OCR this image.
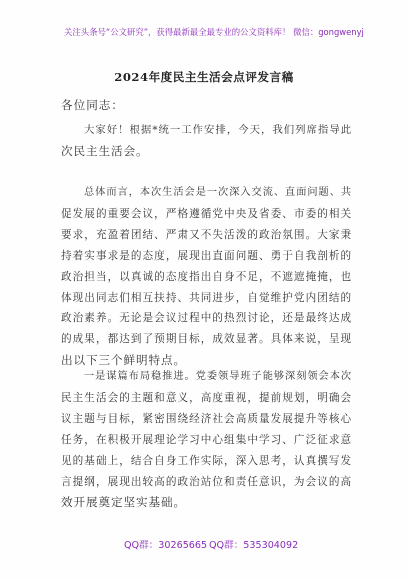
关注头条号“公文研究”，获得最新最全最专业的公文资料库！ 微信：gongwenyj
2024年度民主生活会点评发言稿
各位同志：
大家好！根据*统一工作安排，今天，我们列席指导此
次民主生活会。
总体而言，本次生活会是一次深入交流、直面问题、共
促发展的重要会议，严格遵循党中央及省委、市委的相关
要求，充盈着团结、严肃又不失活泼的政治氛围。大家秉
持着实事求是的态度，展现出直面问题、勇于自我剖析的
政治担当，以真诚的态度指出自身不足，不遮遮掩掩，也
体现出同志们相互扶持、共同进步，自觉维护党内团结的
政治素养。无论是会议过程中的热烈讨论，还是最终达成
的成果，都达到了预期目标，成效显著。具体来说，呈现
出以下三个鲜明特点。
一是谋篇布局稳推进。党委领导班子能够深刻领会本次
民主生活会的主题和意义，高度重视，提前规划，明确会
议主题与目标，紧密围绕经济社会高质量发展提升等核心
任务，在积极开展理论学习中心组集中学习、广泛征求意
见的基础上，结合自身工作实际，深入思考，认真撰写发
言提纲，展现出较高的政治站位和责任意识，为会议的高
效开展奠定坚实基础。
QQ群：30265665 QQ群：535304092
